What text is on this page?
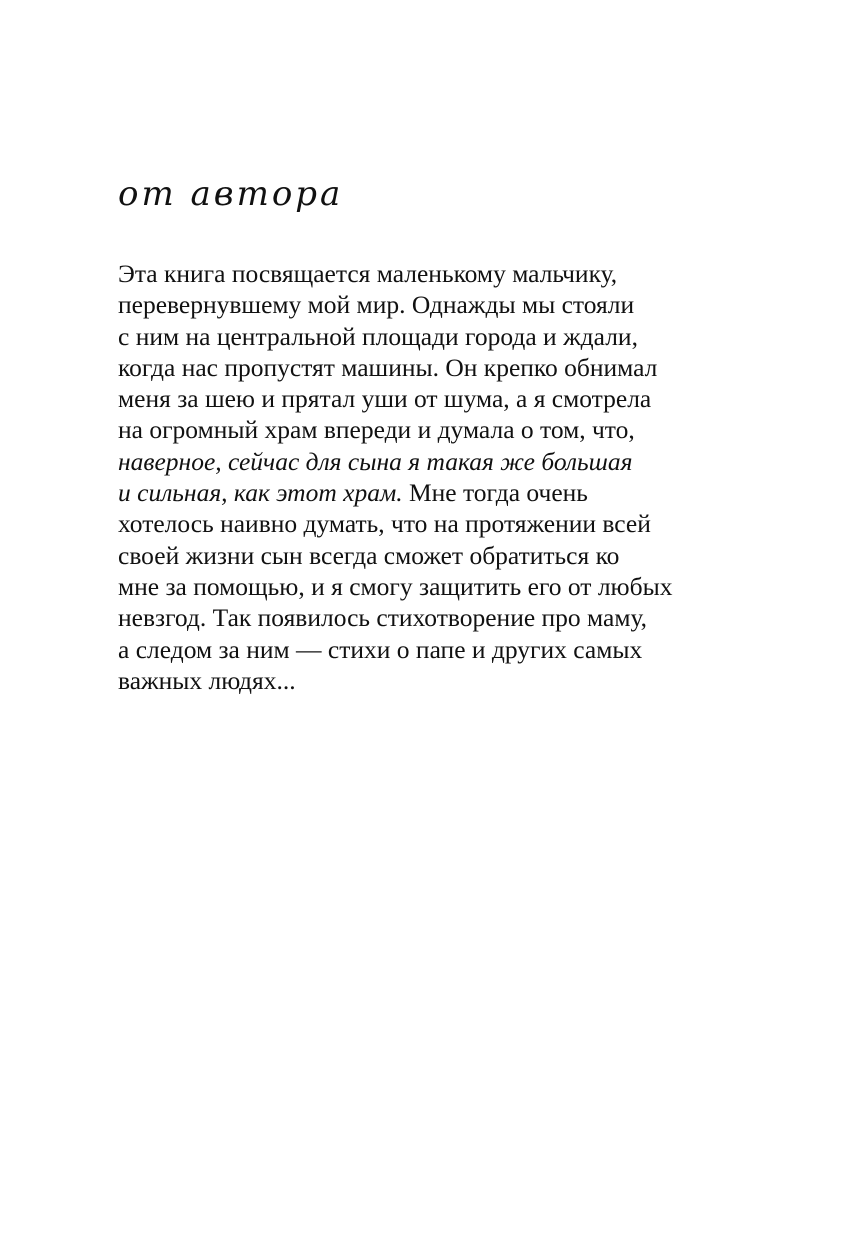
от автора
Эта книга посвящается маленькому мальчику,
перевернувшему мой мир. Однажды мы стояли
с ним на центральной площади города и ждали,
когда нас пропустят машины. Он крепко обнимал
меня за шею и прятал уши от шума, а я смотрела
на огромный храм впереди и думала о том, что,
наверное, сейчас для сына я такая же большая
и сильная, как этот храм. Мне тогда очень
хотелось наивно думать, что на протяжении всей
своей жизни сын всегда сможет обратиться ко
мне за помощью, и я смогу защитить его от любых
невзгод. Так появилось стихотворение про маму,
а следом за ним — стихи о папе и других самых
важных людях...
